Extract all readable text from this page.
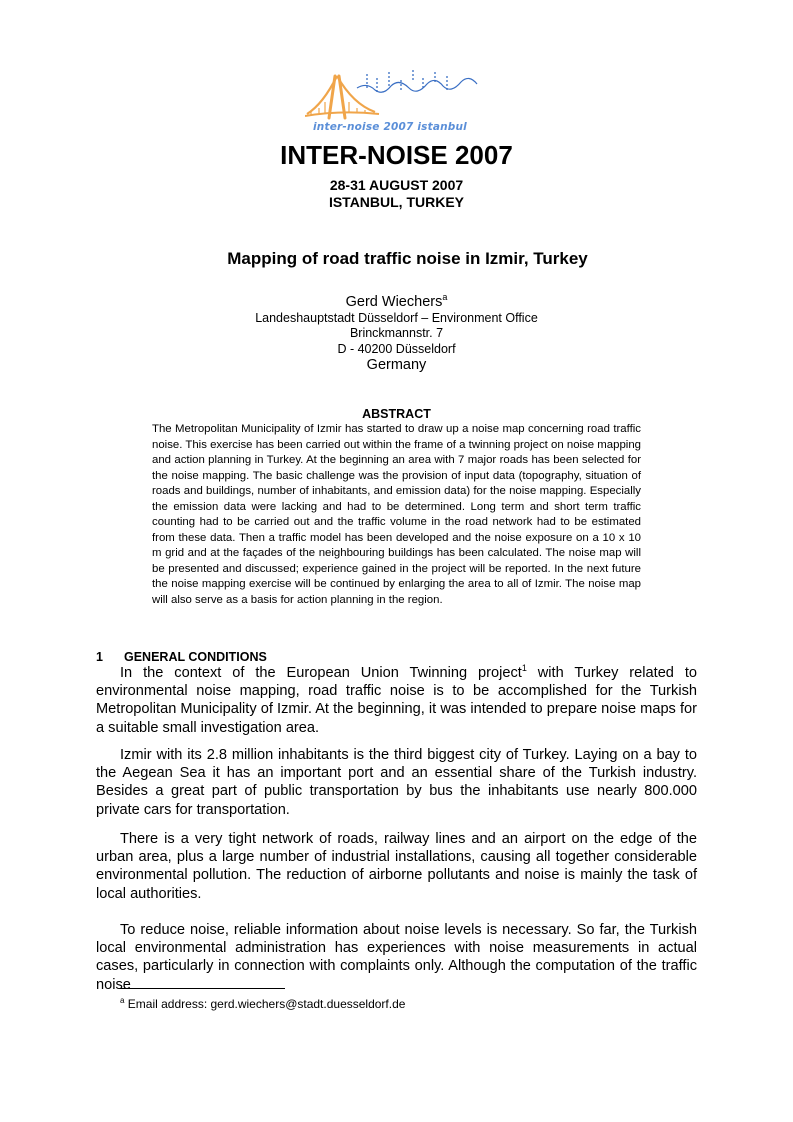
inter-noise 2007 istanbul
INTER-NOISE 2007
28-31 AUGUST 2007
ISTANBUL, TURKEY
Mapping of road traffic noise in Izmir, Turkey
Gerd Wiechers$^a$
Landeshauptstadt Düsseldorf – Environment Office
Brinckmannstr. 7
D - 40200 Düsseldorf
Germany
ABSTRACT

The Metropolitan Municipality of Izmir has started to draw up a noise map concerning road traffic noise. This exercise has been carried out within the frame of a twinning project on noise mapping and action planning in Turkey. At the beginning an area with 7 major roads has been selected for the noise mapping. The basic challenge was the provision of input data (topography, situation of roads and buildings, number of inhabitants, and emission data) for the noise mapping. Especially the emission data were lacking and had to be determined. Long term and short term traffic counting had to be carried out and the traffic volume in the road network had to be estimated from these data. Then a traffic model has been developed and the noise exposure on a 10 x 10 m grid and at the façades of the neighbouring buildings has been calculated. The noise map will be presented and discussed; experience gained in the project will be reported. In the next future the noise mapping exercise will be continued by enlarging the area to all of Izmir. The noise map will also serve as a basis for action planning in the region.

1 GENERAL CONDITIONS

In the context of the European Union Twinning project$^1$ with Turkey related to environmental noise mapping, road traffic noise is to be accomplished for the Turkish Metropolitan Municipality of Izmir. At the beginning, it was intended to prepare noise maps for a suitable small investigation area.

Izmir with its 2.8 million inhabitants is the third biggest city of Turkey. Laying on a bay to the Aegean Sea it has an important port and an essential share of the Turkish industry. Besides a great part of public transportation by bus the inhabitants use nearly 800.000 private cars for transportation.

There is a very tight network of roads, railway lines and an airport on the edge of the urban area, plus a large number of industrial installations, causing all together considerable environmental pollution. The reduction of airborne pollutants and noise is mainly the task of local authorities.

To reduce noise, reliable information about noise levels is necessary. So far, the Turkish local environmental administration has experiences with noise measurements in actual cases, particularly in connection with complaints only. Although the computation of the traffic noise

$^a$ Email address: gerd.wiechers@stadt.duesseldorf.de
